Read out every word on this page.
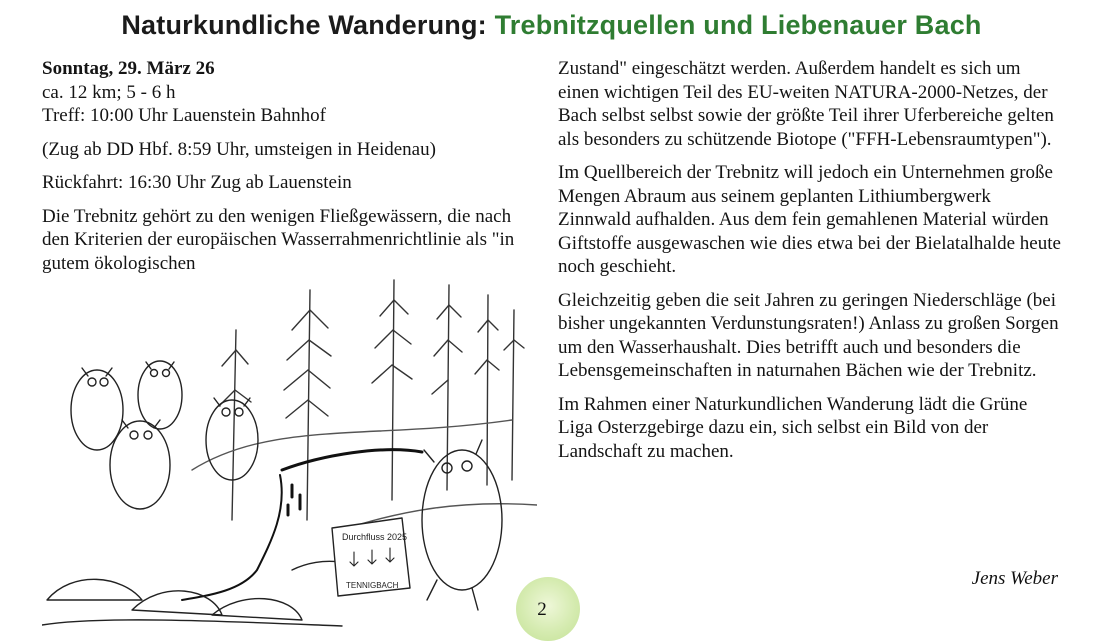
Naturkundliche Wanderung: Trebnitzquellen und Liebenauer Bach

Sonntag, 29. März 26

ca. 12 km; 5 - 6 h

Treff: 10:00 Uhr Lauenstein Bahnhof

(Zug ab DD Hbf. 8:59 Uhr, umsteigen in Heidenau)

Rückfahrt: 16:30 Uhr Zug ab Lauenstein

Die Trebnitz gehört zu den wenigen Fließgewässern, die nach den Kriterien der europäischen Wasserrahmenrichtlinie als "in gutem ökologischen

Durchfluss 2025
TENNIGBACH

Zustand" eingeschätzt werden. Außerdem handelt es sich um einen wichtigen Teil des EU-weiten NATURA-2000-Netzes, der Bach selbst selbst sowie der größte Teil ihrer Uferbereiche gelten als besonders zu schützende Biotope ("FFH-Lebensraumtypen").

Im Quellbereich der Trebnitz will jedoch ein Unternehmen große Mengen Abraum aus seinem geplanten Lithiumbergwerk Zinnwald aufhalden. Aus dem fein gemahlenen Material würden Giftstoffe ausgewaschen wie dies etwa bei der Bielatalhalde heute noch geschieht.

Gleichzeitig geben die seit Jahren zu geringen Niederschläge (bei bisher ungekannten Verdunstungsraten!) Anlass zu großen Sorgen um den Wasserhaushalt. Dies betrifft auch und besonders die Lebensgemeinschaften in naturnahen Bächen wie der Trebnitz.

Im Rahmen einer Naturkundlichen Wanderung lädt die Grüne Liga Osterzgebirge dazu ein, sich selbst ein Bild von der Landschaft zu machen.

Jens Weber
2
